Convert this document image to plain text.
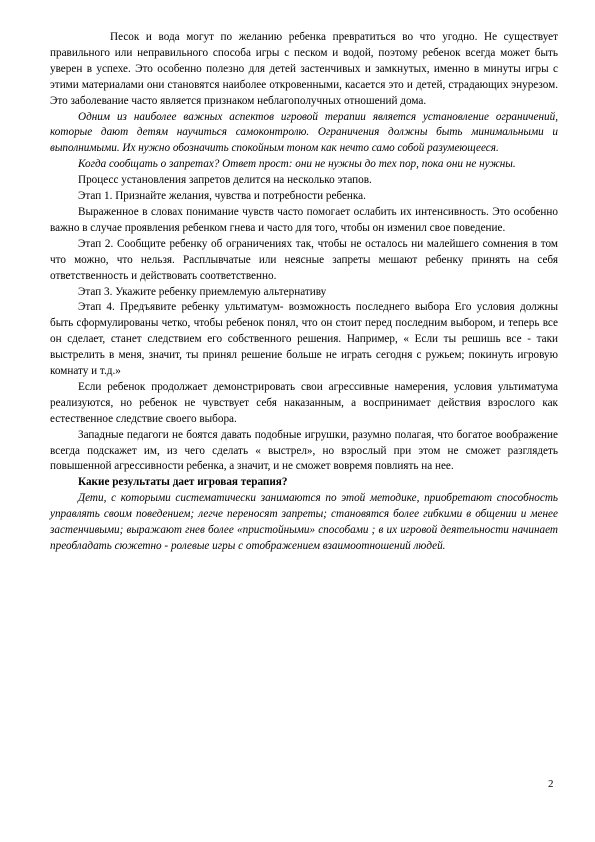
Песок и вода могут по желанию ребенка превратиться во что угодно. Не существует правильного или неправильного способа игры с песком и водой, поэтому ребенок всегда может быть уверен в успехе. Это особенно полезно для детей застенчивых и замкнутых, именно в минуты игры с этими материалами они становятся наиболее откровенными, касается это и детей, страдающих энурезом. Это заболевание часто является признаком неблагополучных отношений дома.

Одним из наиболее важных аспектов игровой терапии является установление ограничений, которые дают детям научиться самоконтролю. Ограничения должны быть минимальными и выполнимыми. Их нужно обозначить спокойным тоном как нечто само собой разумеющееся.

Когда сообщать о запретах? Ответ прост: они не нужны до тех пор, пока они не нужны.

Процесс установления запретов делится на несколько этапов.

Этап 1. Признайте желания, чувства и потребности ребенка.

Выраженное в словах понимание чувств часто помогает ослабить их интенсивность. Это особенно важно в случае проявления ребенком гнева и часто для того, чтобы он изменил свое поведение.

Этап 2. Сообщите ребенку об ограничениях так, чтобы не осталось ни малейшего сомнения в том что можно, что нельзя. Расплывчатые или неясные запреты мешают ребенку принять на себя ответственность и действовать соответственно.

Этап 3. Укажите ребенку приемлемую альтернативу

Этап 4. Предъявите ребенку ультиматум- возможность последнего выбора Его условия должны быть сформулированы четко, чтобы ребенок понял, что он стоит перед последним выбором, и теперь все он сделает, станет следствием его собственного решения. Например, « Если ты решишь все - таки выстрелить в меня, значит, ты принял решение больше не играть сегодня с ружьем; покинуть игровую комнату и т.д.»

Если ребенок продолжает демонстрировать свои агрессивные намерения, условия ультиматума реализуются, но ребенок не чувствует себя наказанным, а воспринимает действия взрослого как естественное следствие своего выбора.

Западные педагоги не боятся давать подобные игрушки, разумно полагая, что богатое воображение всегда подскажет им, из чего сделать « выстрел», но взрослый при этом не сможет разглядеть повышенной агрессивности ребенка, а значит, и не сможет вовремя повлиять на нее.

Какие результаты дает игровая терапия?

Дети, с которыми систематически занимаются по этой методике, приобретают способность управлять своим поведением; легче переносят запреты; становятся более гибкими в общении и менее застенчивыми; выражают гнев более «пристойными» способами ; в их игровой деятельности начинает преобладать сюжетно - ролевые игры с отображением взаимоотношений людей.

2
